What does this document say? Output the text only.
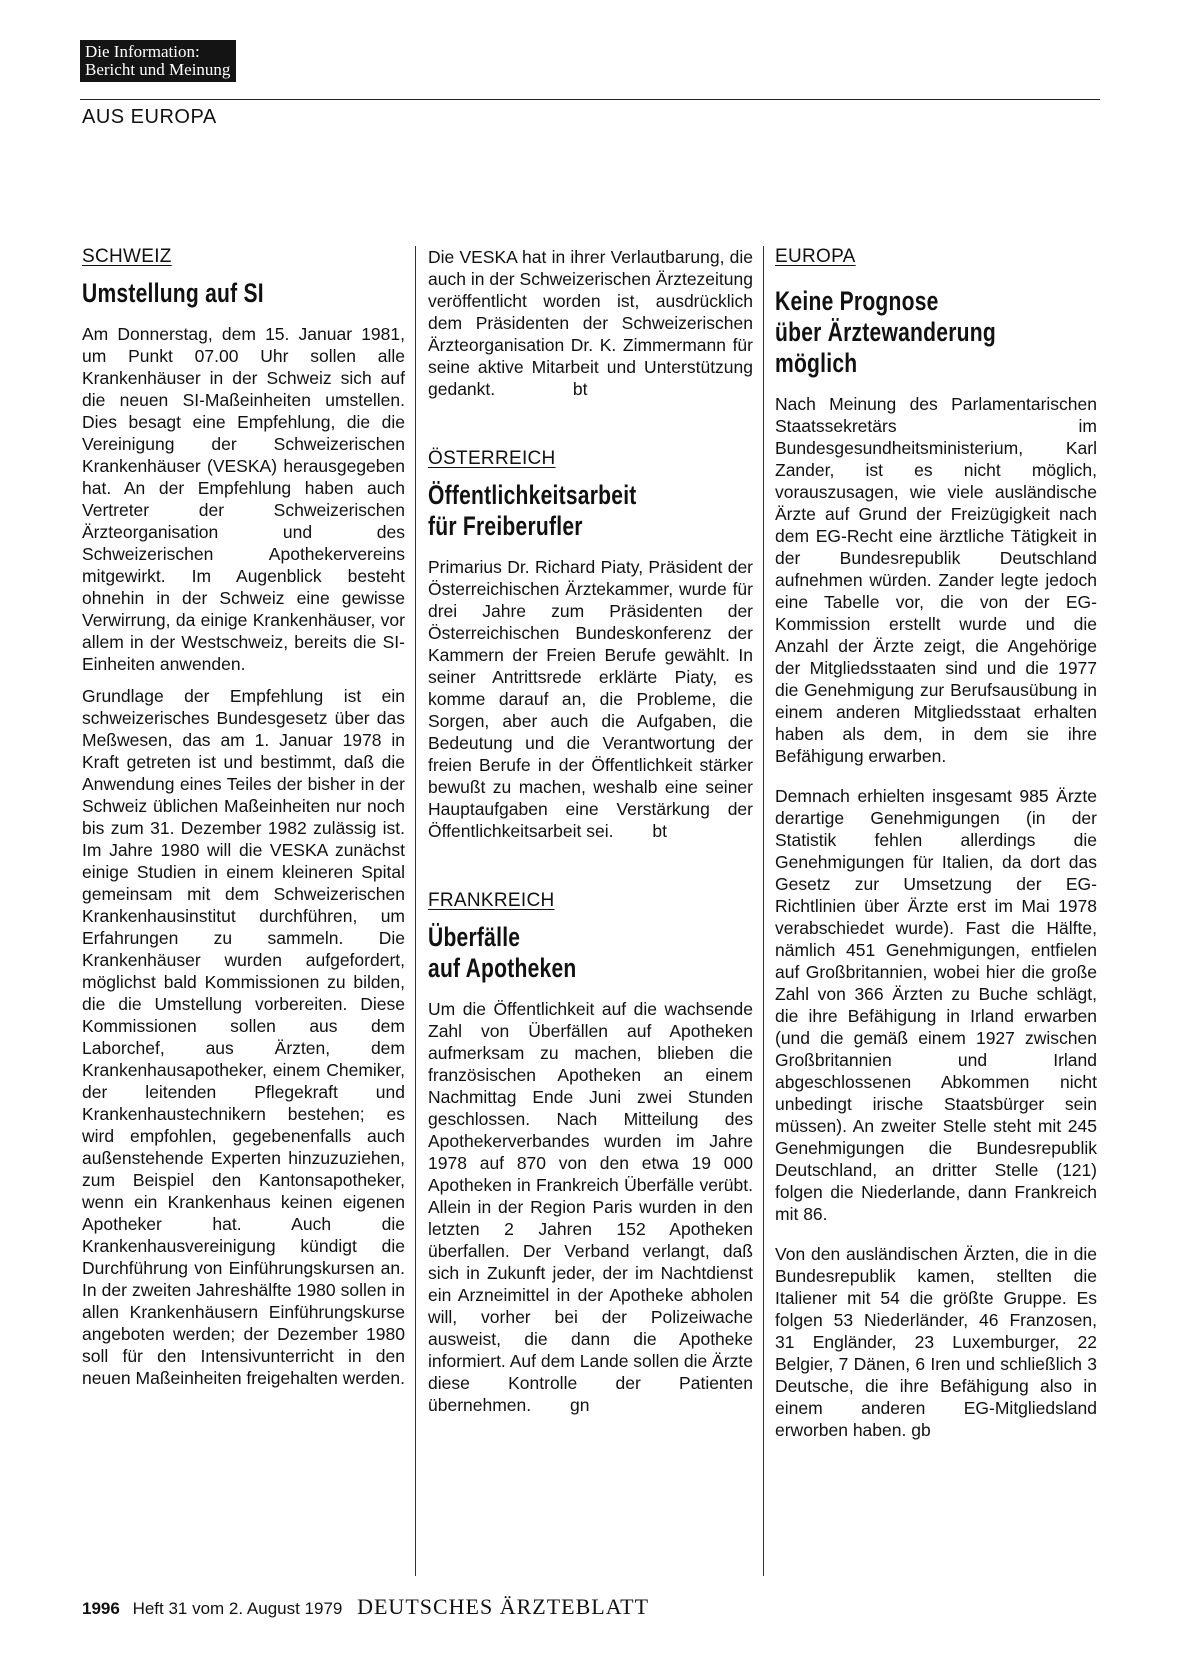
Die Information:
Bericht und Meinung
AUS EUROPA
SCHWEIZ
Umstellung auf SI

Am Donnerstag, dem 15. Januar 1981, um Punkt 07.00 Uhr sollen alle Krankenhäuser in der Schweiz sich auf die neuen SI-Maßeinheiten umstellen. Dies besagt eine Empfehlung, die die Vereinigung der Schweizerischen Krankenhäuser (VESKA) herausgegeben hat. An der Empfehlung haben auch Vertreter der Schweizerischen Ärzteorganisation und des Schweizerischen Apothekervereins mitgewirkt. Im Augenblick besteht ohnehin in der Schweiz eine gewisse Verwirrung, da einige Krankenhäuser, vor allem in der Westschweiz, bereits die SI-Einheiten anwenden.

Grundlage der Empfehlung ist ein schweizerisches Bundesgesetz über das Meßwesen, das am 1. Januar 1978 in Kraft getreten ist und bestimmt, daß die Anwendung eines Teiles der bisher in der Schweiz üblichen Maßeinheiten nur noch bis zum 31. Dezember 1982 zulässig ist. Im Jahre 1980 will die VESKA zunächst einige Studien in einem kleineren Spital gemeinsam mit dem Schweizerischen Krankenhausinstitut durchführen, um Erfahrungen zu sammeln. Die Krankenhäuser wurden aufgefordert, möglichst bald Kommissionen zu bilden, die die Umstellung vorbereiten. Diese Kommissionen sollen aus dem Laborchef, aus Ärzten, dem Krankenhausapotheker, einem Chemiker, der leitenden Pflegekraft und Krankenhaustechnikern bestehen; es wird empfohlen, gegebenenfalls auch außenstehende Experten hinzuzuziehen, zum Beispiel den Kantonsapotheker, wenn ein Krankenhaus keinen eigenen Apotheker hat. Auch die Krankenhausvereinigung kündigt die Durchführung von Einführungskursen an. In der zweiten Jahreshälfte 1980 sollen in allen Krankenhäusern Einführungskurse angeboten werden; der Dezember 1980 soll für den Intensivunterricht in den neuen Maßeinheiten freigehalten werden.

Die VESKA hat in ihrer Verlautbarung, die auch in der Schweizerischen Ärztezeitung veröffentlicht worden ist, ausdrücklich dem Präsidenten der Schweizerischen Ärzteorganisation Dr. K. Zimmermann für seine aktive Mitarbeit und Unterstützung gedankt.                bt

ÖSTERREICH
Öffentlichkeitsarbeit
für Freiberufler

Primarius Dr. Richard Piaty, Präsident der Österreichischen Ärztekammer, wurde für drei Jahre zum Präsidenten der Österreichischen Bundeskonferenz der Kammern der Freien Berufe gewählt. In seiner Antrittsrede erklärte Piaty, es komme darauf an, die Probleme, die Sorgen, aber auch die Aufgaben, die Bedeutung und die Verantwortung der freien Berufe in der Öffentlichkeit stärker bewußt zu machen, weshalb eine seiner Hauptaufgaben eine Verstärkung der Öffentlichkeitsarbeit sei.        bt

FRANKREICH
Überfälle
auf Apotheken

Um die Öffentlichkeit auf die wachsende Zahl von Überfällen auf Apotheken aufmerksam zu machen, blieben die französischen Apotheken an einem Nachmittag Ende Juni zwei Stunden geschlossen. Nach Mitteilung des Apothekerverbandes wurden im Jahre 1978 auf 870 von den etwa 19 000 Apotheken in Frankreich Überfälle verübt. Allein in der Region Paris wurden in den letzten 2 Jahren 152 Apotheken überfallen. Der Verband verlangt, daß sich in Zukunft jeder, der im Nachtdienst ein Arzneimittel in der Apotheke abholen will, vorher bei der Polizeiwache ausweist, die dann die Apotheke informiert. Auf dem Lande sollen die Ärzte diese Kontrolle der Patienten übernehmen.        gn

EUROPA
Keine Prognose
über Ärztewanderung
möglich

Nach Meinung des Parlamentarischen Staatssekretärs im Bundesgesundheitsministerium, Karl Zander, ist es nicht möglich, vorauszusagen, wie viele ausländische Ärzte auf Grund der Freizügigkeit nach dem EG-Recht eine ärztliche Tätigkeit in der Bundesrepublik Deutschland aufnehmen würden. Zander legte jedoch eine Tabelle vor, die von der EG-Kommission erstellt wurde und die Anzahl der Ärzte zeigt, die Angehörige der Mitgliedsstaaten sind und die 1977 die Genehmigung zur Berufsausübung in einem anderen Mitgliedsstaat erhalten haben als dem, in dem sie ihre Befähigung erwarben.

Demnach erhielten insgesamt 985 Ärzte derartige Genehmigungen (in der Statistik fehlen allerdings die Genehmigungen für Italien, da dort das Gesetz zur Umsetzung der EG-Richtlinien über Ärzte erst im Mai 1978 verabschiedet wurde). Fast die Hälfte, nämlich 451 Genehmigungen, entfielen auf Großbritannien, wobei hier die große Zahl von 366 Ärzten zu Buche schlägt, die ihre Befähigung in Irland erwarben (und die gemäß einem 1927 zwischen Großbritannien und Irland abgeschlossenen Abkommen nicht unbedingt irische Staatsbürger sein müssen). An zweiter Stelle steht mit 245 Genehmigungen die Bundesrepublik Deutschland, an dritter Stelle (121) folgen die Niederlande, dann Frankreich mit 86.

Von den ausländischen Ärzten, die in die Bundesrepublik kamen, stellten die Italiener mit 54 die größte Gruppe. Es folgen 53 Niederländer, 46 Franzosen, 31 Engländer, 23 Luxemburger, 22 Belgier, 7 Dänen, 6 Iren und schließlich 3 Deutsche, die ihre Befähigung also in einem anderen EG-Mitgliedsland erworben haben. gb

1996 Heft 31 vom 2. August 1979 DEUTSCHES ÄRZTEBLATT
